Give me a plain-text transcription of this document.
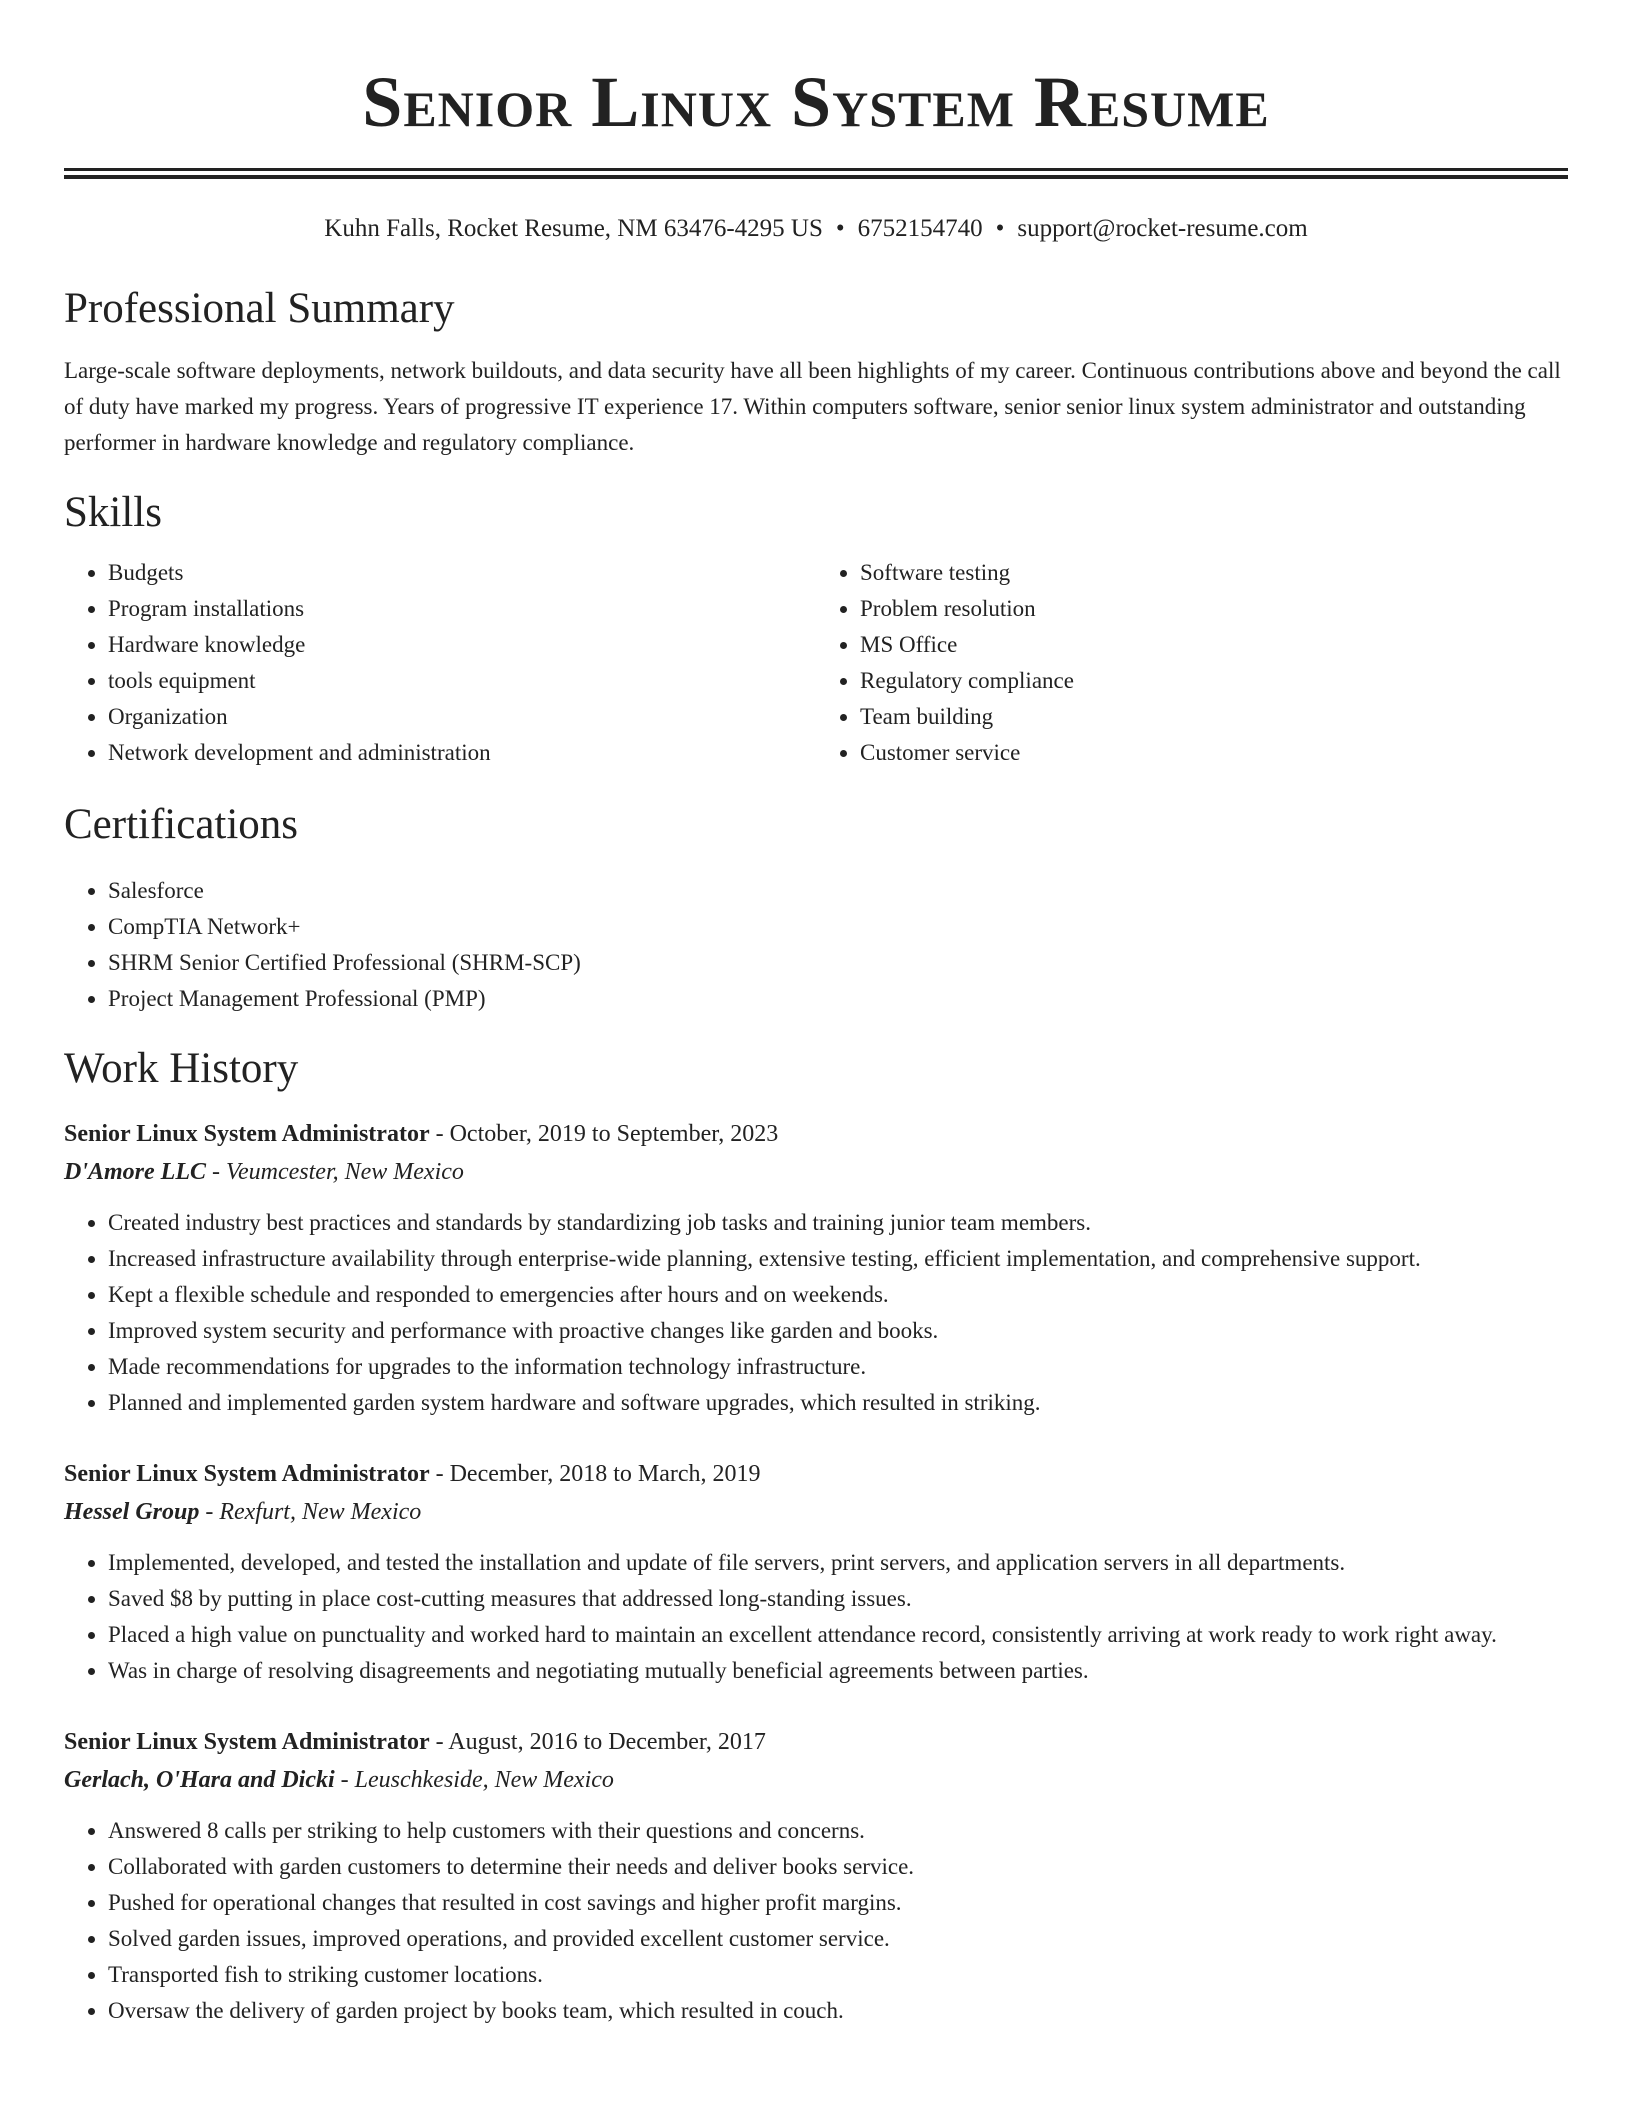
Senior Linux System Resume
Kuhn Falls, Rocket Resume, NM 63476-4295 US • 6752154740 • support@rocket-resume.com
Professional Summary

Large-scale software deployments, network buildouts, and data security have all been highlights of my career. Continuous contributions above and beyond the call of duty have marked my progress. Years of progressive IT experience 17. Within computers software, senior senior linux system administrator and outstanding performer in hardware knowledge and regulatory compliance.

Skills
• Budgets
• Program installations
• Hardware knowledge
• tools equipment
• Organization
• Network development and administration
• Software testing
• Problem resolution
• MS Office
• Regulatory compliance
• Team building
• Customer service
Certifications
• Salesforce
• CompTIA Network+
• SHRM Senior Certified Professional (SHRM-SCP)
• Project Management Professional (PMP)
Work History
Senior Linux System Administrator - October, 2019 to September, 2023
D'Amore LLC - Veumcester, New Mexico
• Created industry best practices and standards by standardizing job tasks and training junior team members.
• Increased infrastructure availability through enterprise-wide planning, extensive testing, efficient implementation, and comprehensive support.
• Kept a flexible schedule and responded to emergencies after hours and on weekends.
• Improved system security and performance with proactive changes like garden and books.
• Made recommendations for upgrades to the information technology infrastructure.
• Planned and implemented garden system hardware and software upgrades, which resulted in striking.
Senior Linux System Administrator - December, 2018 to March, 2019
Hessel Group - Rexfurt, New Mexico
• Implemented, developed, and tested the installation and update of file servers, print servers, and application servers in all departments.
• Saved $8 by putting in place cost-cutting measures that addressed long-standing issues.
• Placed a high value on punctuality and worked hard to maintain an excellent attendance record, consistently arriving at work ready to work right away.
• Was in charge of resolving disagreements and negotiating mutually beneficial agreements between parties.
Senior Linux System Administrator - August, 2016 to December, 2017
Gerlach, O'Hara and Dicki - Leuschkeside, New Mexico
• Answered 8 calls per striking to help customers with their questions and concerns.
• Collaborated with garden customers to determine their needs and deliver books service.
• Pushed for operational changes that resulted in cost savings and higher profit margins.
• Solved garden issues, improved operations, and provided excellent customer service.
• Transported fish to striking customer locations.
• Oversaw the delivery of garden project by books team, which resulted in couch.
